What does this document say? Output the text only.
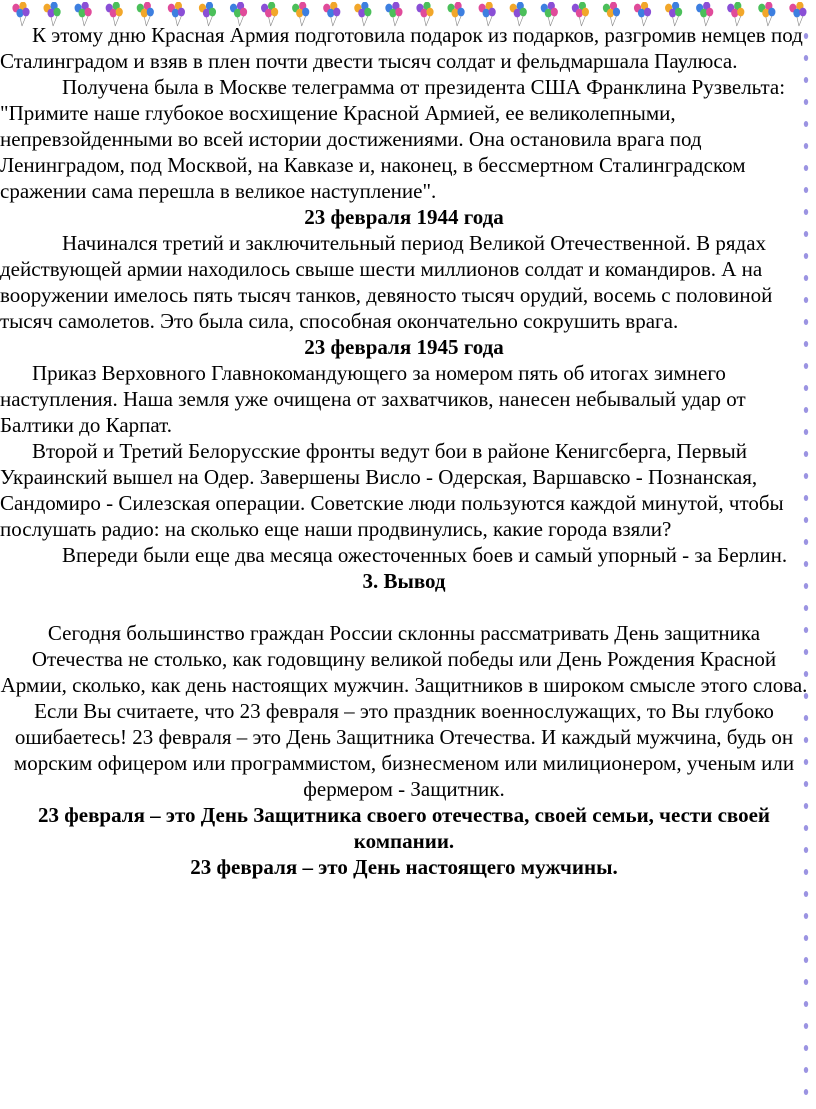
К этому дню Красная Армия подготовила подарок из подарков, разгромив немцев под Сталинградом и взяв в плен почти двести тысяч солдат и фельдмаршала Паулюса.

Получена была в Москве телеграмма от президента США Франклина Рузвельта: "Примите наше глубокое восхищение Красной Армией, ее великолепными, непревзойденными во всей истории достижениями. Она остановила врага под Ленинградом, под Москвой, на Кавказе и, наконец, в бессмертном Сталинградском сражении сама перешла в великое наступление".

23 февраля 1944 года

Начинался третий и заключительный период Великой Отечественной. В рядах действующей армии находилось свыше шести миллионов солдат и командиров. А на вооружении имелось пять тысяч танков, девяносто тысяч орудий, восемь с половиной тысяч самолетов. Это была сила, способная окончательно сокрушить врага.

23 февраля 1945 года

Приказ Верховного Главнокомандующего за номером пять об итогах зимнего наступления. Наша земля уже очищена от захватчиков, нанесен небывалый удар от Балтики до Карпат.

Второй и Третий Белорусские фронты ведут бои в районе Кенигсберга, Первый Украинский вышел на Одер. Завершены Висло - Одерская, Варшавско - Познанская, Сандомиро - Силезская операции. Советские люди пользуются каждой минутой, чтобы послушать радио: на сколько еще наши продвинулись, какие города взяли?

Впереди были еще два месяца ожесточенных боев и самый упорный - за Берлин.

3. Вывод

Сегодня большинство граждан России склонны рассматривать День защитника Отечества не столько, как годовщину великой победы или День Рождения Красной Армии, сколько, как день настоящих мужчин. Защитников в широком смысле этого слова.

Если Вы считаете, что 23 февраля – это праздник военнослужащих, то Вы глубоко ошибаетесь! 23 февраля – это День Защитника Отечества. И каждый мужчина, будь он морским офицером или программистом, бизнесменом или милиционером, ученым или фермером - Защитник.

23 февраля – это День Защитника своего отечества, своей семьи, чести своей компании.

23 февраля – это День настоящего мужчины.
